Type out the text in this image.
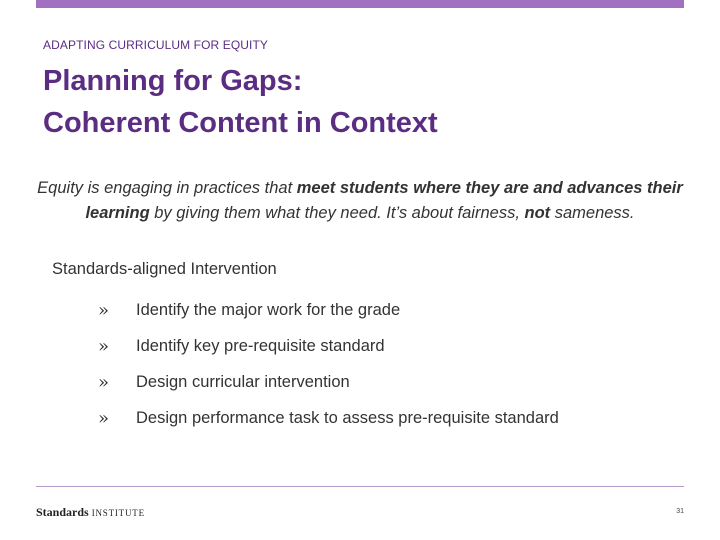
ADAPTING CURRICULUM FOR EQUITY
Planning for Gaps:
Coherent Content in Context
Equity is engaging in practices that meet students where they are and advances their learning by giving them what they need. It’s about fairness, not sameness.
Standards-aligned Intervention
»	Identify the major work for the grade
»	Identify key pre-requisite standard
»	Design curricular intervention
»	Design performance task to assess pre-requisite standard
Standards INSTITUTE	31
